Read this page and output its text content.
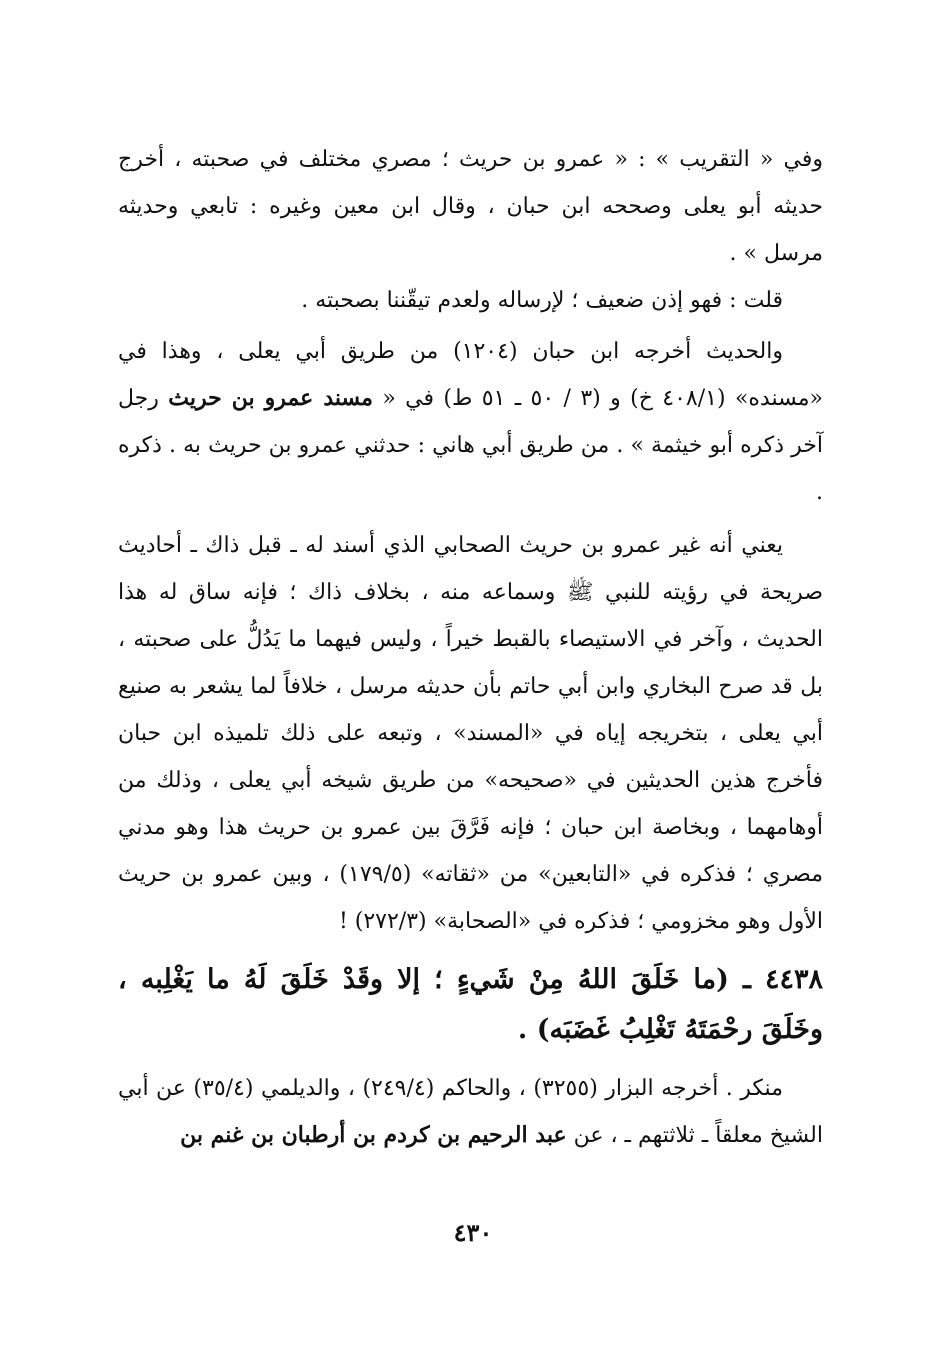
وفي « التقريب » : « عمرو بن حريث ؛ مصري مختلف في صحبته ، أخرج حديثه أبو يعلى وصححه ابن حبان ، وقال ابن معين وغيره : تابعي وحديثه مرسل » .

قلت : فهو إذن ضعيف ؛ لإرساله ولعدم تيقّننا بصحبته .

والحديث أخرجه ابن حبان (١٢٠٤) من طريق أبي يعلى ، وهذا في «مسنده» (٤٠٨/١ خ) و (٣ / ٥٠ ـ ٥١ ط) في « مسند عمرو بن حريث رجل آخر ذكره أبو خيثمة » . من طريق أبي هاني : حدثني عمرو بن حريث به . ذكره .

يعني أنه غير عمرو بن حريث الصحابي الذي أسند له ـ قبل ذاك ـ أحاديث صريحة في رؤيته للنبي ﷺ وسماعه منه ، بخلاف ذاك ؛ فإنه ساق له هذا الحديث ، وآخر في الاستيصاء بالقبط خيراً ، وليس فيهما ما يَدُلُّ على صحبته ، بل قد صرح البخاري وابن أبي حاتم بأن حديثه مرسل ، خلافاً لما يشعر به صنيع أبي يعلى ، بتخريجه إياه في «المسند» ، وتبعه على ذلك تلميذه ابن حبان فأخرج هذين الحديثين في «صحيحه» من طريق شيخه أبي يعلى ، وذلك من أوهامهما ، وبخاصة ابن حبان ؛ فإنه فَرَّقَ بين عمرو بن حريث هذا وهو مدني مصري ؛ فذكره في «التابعين» من «ثقاته» (١٧٩/٥) ، وبين عمرو بن حريث الأول وهو مخزومي ؛ فذكره في «الصحابة» (٢٧٢/٣) !

٤٤٣٨ ـ (ما خَلَقَ اللهُ مِنْ شَيءٍ ؛ إلا وقَدْ خَلَقَ لَهُ ما يَغْلِبه ، وخَلَقَ رحْمَتَهُ تَغْلِبُ غَضَبَه) .

منكر . أخرجه البزار (٣٢٥٥) ، والحاكم (٢٤٩/٤) ، والديلمي (٣٥/٤) عن أبي الشيخ معلقاً ـ ثلاثتهم ـ ، عن عبد الرحيم بن كردم بن أرطبان بن غنم بن

٤٣٠
